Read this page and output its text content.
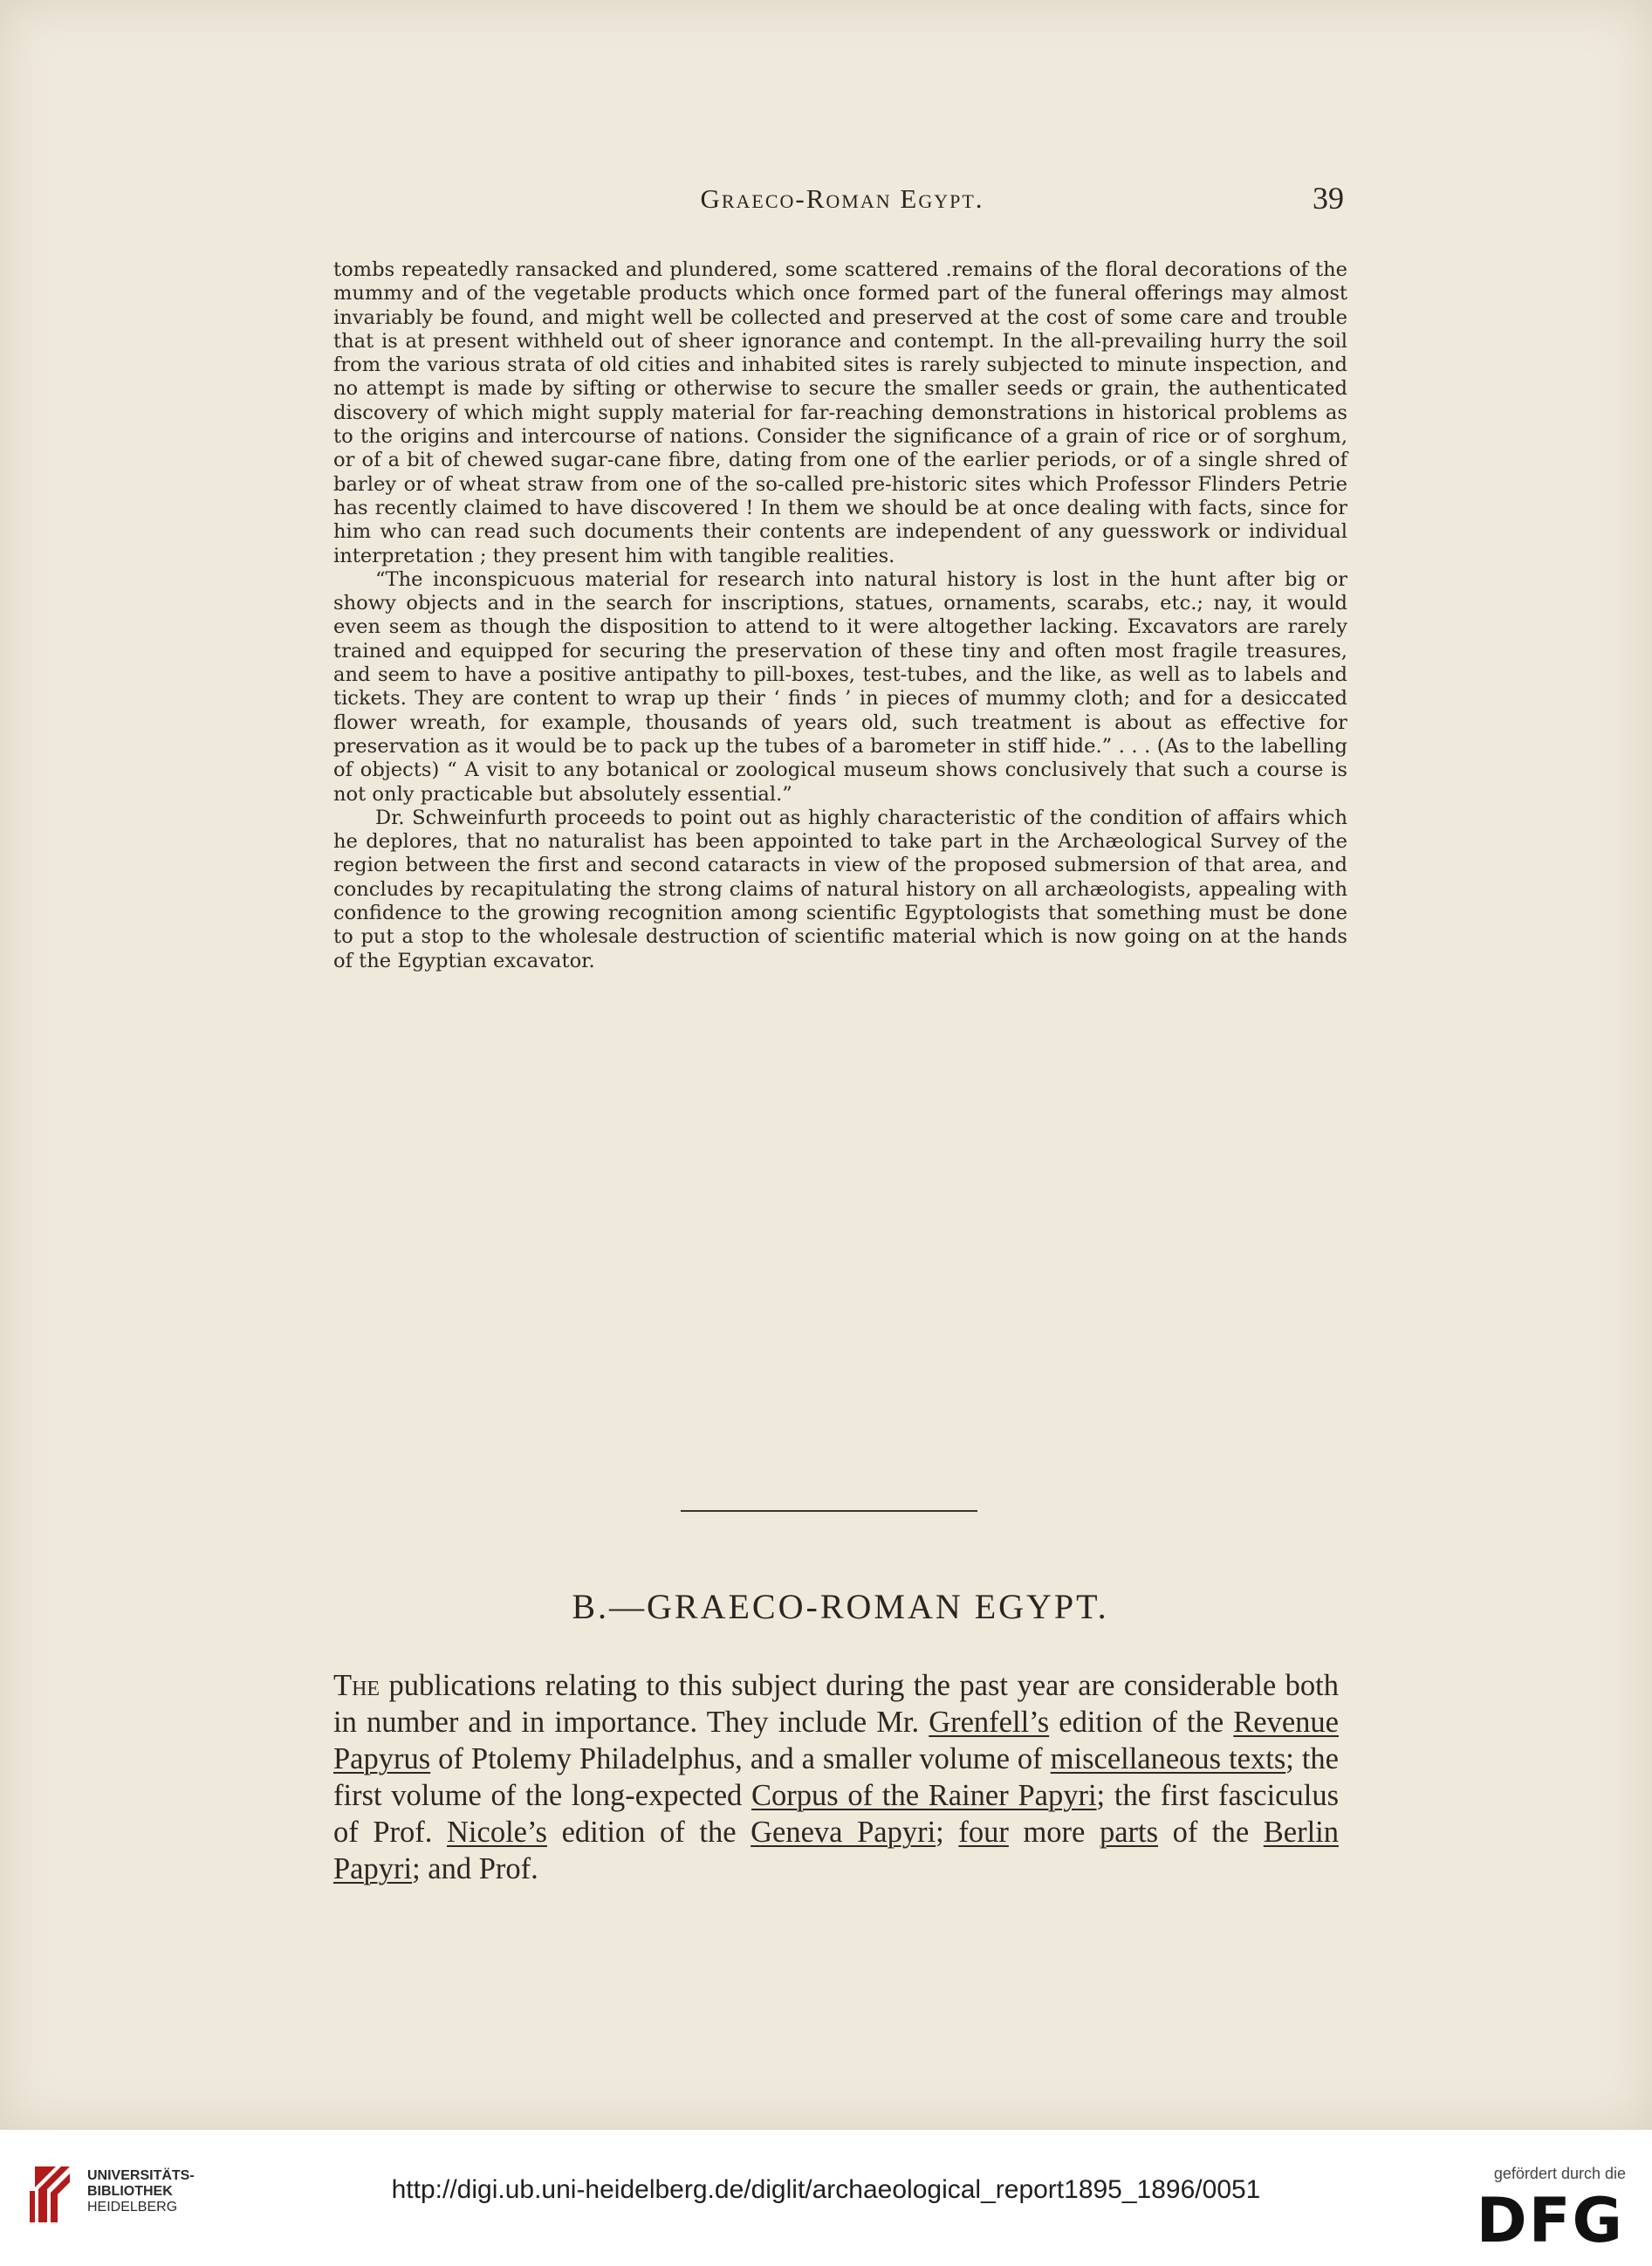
Graeco-Roman Egypt.	39

tombs repeatedly ransacked and plundered, some scattered .remains of the floral decorations of the mummy and of the vegetable products which once formed part of the funeral offerings may almost invariably be found, and might well be collected and preserved at the cost of some care and trouble that is at present withheld out of sheer ignorance and contempt. In the all-prevailing hurry the soil from the various strata of old cities and inhabited sites is rarely subjected to minute inspection, and no attempt is made by sifting or otherwise to secure the smaller seeds or grain, the authenticated discovery of which might supply material for far-reaching demonstrations in historical problems as to the origins and intercourse of nations. Consider the significance of a grain of rice or of sorghum, or of a bit of chewed sugar-cane fibre, dating from one of the earlier periods, or of a single shred of barley or of wheat straw from one of the so-called pre-historic sites which Professor Flinders Petrie has recently claimed to have discovered ! In them we should be at once dealing with facts, since for him who can read such documents their contents are independent of any guesswork or individual interpretation ; they present him with tangible realities.

“The inconspicuous material for research into natural history is lost in the hunt after big or showy objects and in the search for inscriptions, statues, ornaments, scarabs, etc.; nay, it would even seem as though the disposition to attend to it were altogether lacking. Excavators are rarely trained and equipped for securing the preservation of these tiny and often most fragile treasures, and seem to have a positive antipathy to pill-boxes, test-tubes, and the like, as well as to labels and tickets. They are content to wrap up their ‘ finds ’ in pieces of mummy cloth; and for a desiccated flower wreath, for example, thousands of years old, such treatment is about as effective for preservation as it would be to pack up the tubes of a barometer in stiff hide.” . . . (As to the labelling of objects) “ A visit to any botanical or zoological museum shows conclusively that such a course is not only practicable but absolutely essential.”

Dr. Schweinfurth proceeds to point out as highly characteristic of the condition of affairs which he deplores, that no naturalist has been appointed to take part in the Archæological Survey of the region between the first and second cataracts in view of the proposed submersion of that area, and concludes by recapitulating the strong claims of natural history on all archæologists, appealing with confidence to the growing recognition among scientific Egyptologists that something must be done to put a stop to the wholesale destruction of scientific material which is now going on at the hands of the Egyptian excavator.

B.—GRAECO-ROMAN EGYPT.

The publications relating to this subject during the past year are considerable both in number and in importance. They include Mr. Grenfell’s edition of the Revenue Papyrus of Ptolemy Philadelphus, and a smaller volume of miscellaneous texts; the first volume of the long-expected Corpus of the Rainer Papyri; the first fasciculus of Prof. Nicole’s edition of the Geneva Papyri; four more parts of the Berlin Papyri; and Prof.

UNIVERSITÄTS-
BIBLIOTHEK
HEIDELBERG
http://digi.ub.uni-heidelberg.de/diglit/archaeological_report1895_1896/0051
gefördert durch die
DFG
